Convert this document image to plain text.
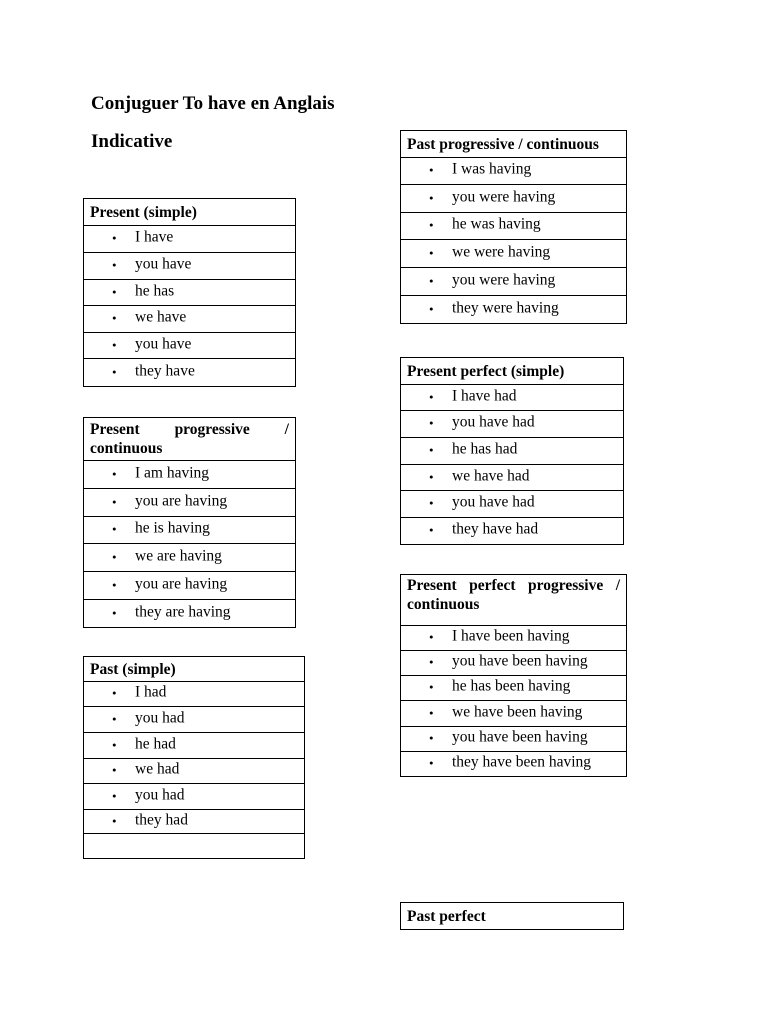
Conjuguer To have en Anglais
Indicative
Present (simple)

• I have

• you have

• he has

• we have

• you have

• they have
Present progressive /
continuous

• I am having

• you are having

• he is having

• we are having

• you are having

• they are having
Past (simple)

• I had

• you had

• he had

• we had

• you had

• they had

Past progressive / continuous

• I was having

• you were having

• he was having

• we were having

• you were having

• they were having
Present perfect (simple)

• I have had

• you have had

• he has had

• we have had

• you have had

• they have had
Present perfect progressive /
continuous

• I have been having

• you have been having

• he has been having

• we have been having

• you have been having

• they have been having
Past perfect
